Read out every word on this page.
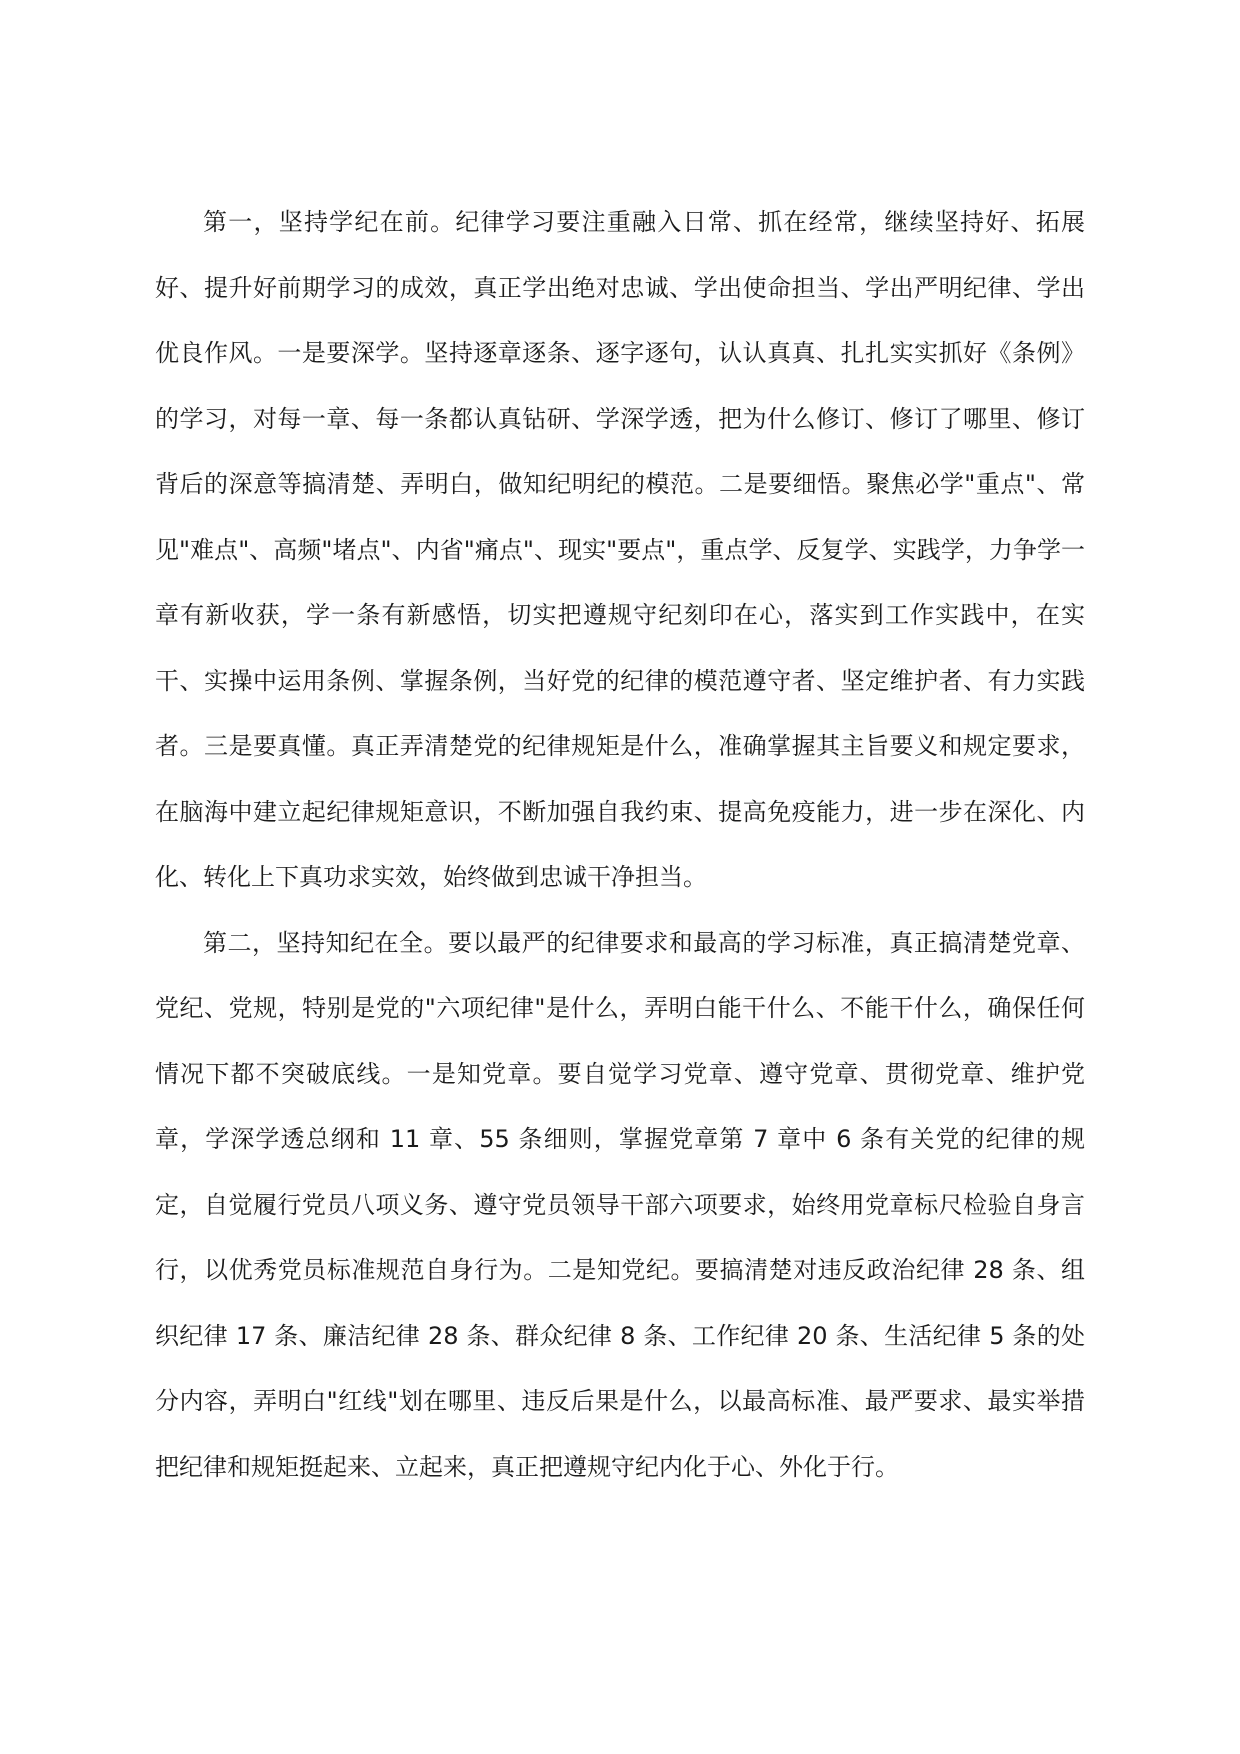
第一，坚持学纪在前。纪律学习要注重融入日常、抓在经常，继续坚持好、拓展好、提升好前期学习的成效，真正学出绝对忠诚、学出使命担当、学出严明纪律、学出优良作风。一是要深学。坚持逐章逐条、逐字逐句，认认真真、扎扎实实抓好《条例》的学习，对每一章、每一条都认真钻研、学深学透，把为什么修订、修订了哪里、修订背后的深意等搞清楚、弄明白，做知纪明纪的模范。二是要细悟。聚焦必学"重点"、常见"难点"、高频"堵点"、内省"痛点"、现实"要点"，重点学、反复学、实践学，力争学一章有新收获，学一条有新感悟，切实把遵规守纪刻印在心，落实到工作实践中，在实干、实操中运用条例、掌握条例，当好党的纪律的模范遵守者、坚定维护者、有力实践者。三是要真懂。真正弄清楚党的纪律规矩是什么，准确掌握其主旨要义和规定要求，在脑海中建立起纪律规矩意识，不断加强自我约束、提高免疫能力，进一步在深化、内化、转化上下真功求实效，始终做到忠诚干净担当。

第二，坚持知纪在全。要以最严的纪律要求和最高的学习标准，真正搞清楚党章、党纪、党规，特别是党的"六项纪律"是什么，弄明白能干什么、不能干什么，确保任何情况下都不突破底线。一是知党章。要自觉学习党章、遵守党章、贯彻党章、维护党章，学深学透总纲和 11 章、55 条细则，掌握党章第 7 章中 6 条有关党的纪律的规定，自觉履行党员八项义务、遵守党员领导干部六项要求，始终用党章标尺检验自身言行，以优秀党员标准规范自身行为。二是知党纪。要搞清楚对违反政治纪律 28 条、组织纪律 17 条、廉洁纪律 28 条、群众纪律 8 条、工作纪律 20 条、生活纪律 5 条的处分内容，弄明白"红线"划在哪里、违反后果是什么，以最高标准、最严要求、最实举措把纪律和规矩挺起来、立起来，真正把遵规守纪内化于心、外化于行。
